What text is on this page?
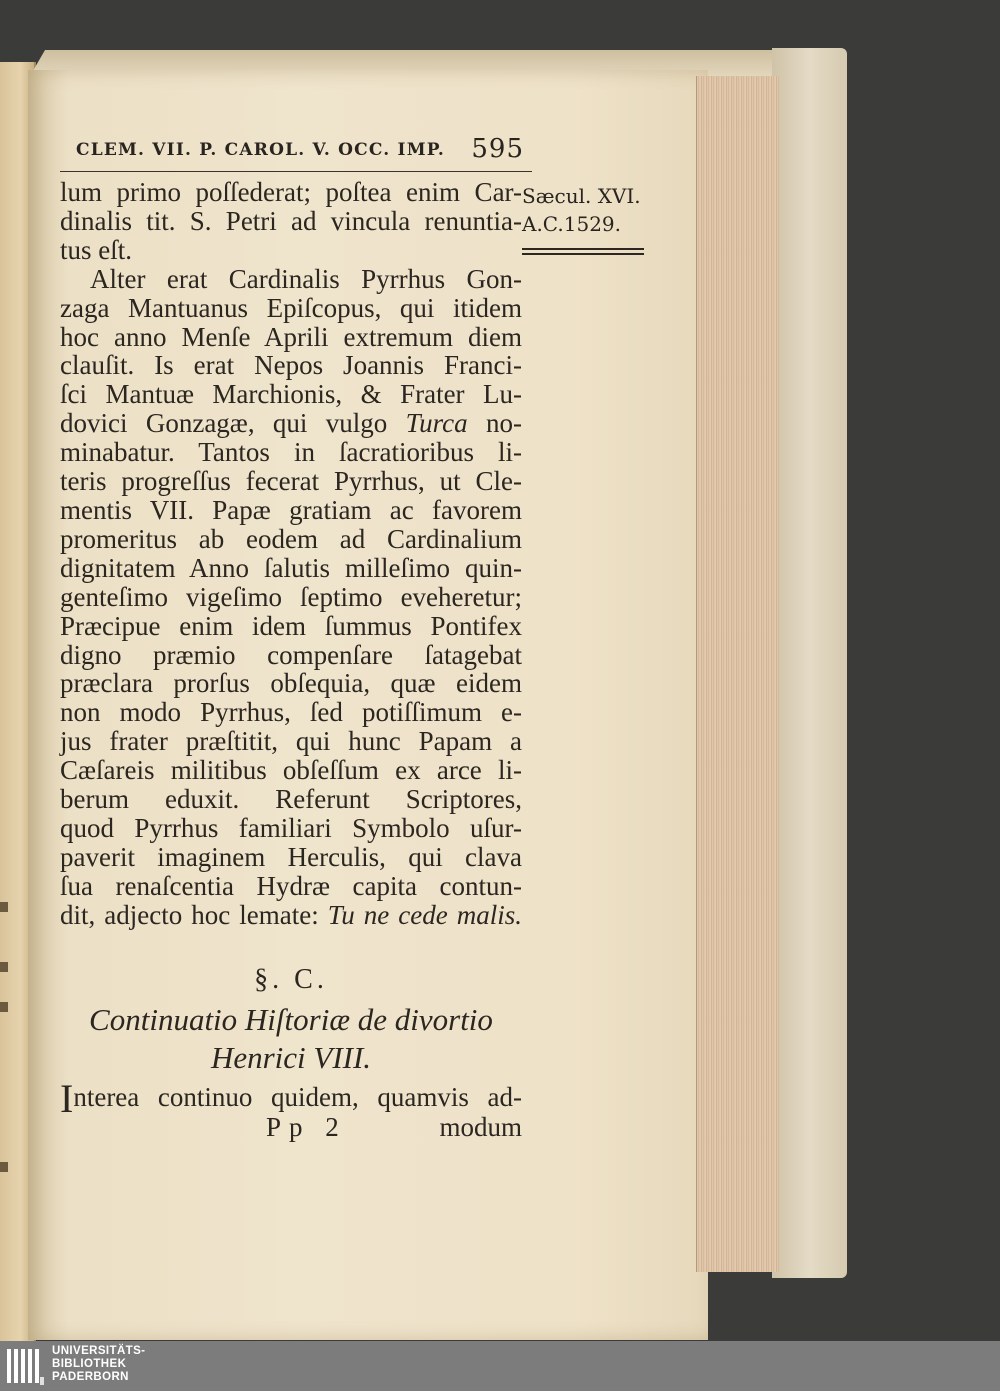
CLEM. VII. P. CAROL. V. OCC. IMP. 595
Sæcul. XVI.
A.C.1529.
lum primo poſſederat; poſtea enim Car-
dinalis tit. S. Petri ad vincula renuntia-
tus eſt.
Alter erat Cardinalis Pyrrhus Gon-
zaga Mantuanus Epiſcopus, qui itidem
hoc anno Menſe Aprili extremum diem
clauſit. Is erat Nepos Joannis Franci-
ſci Mantuæ Marchionis, & Frater Lu-
dovici Gonzagæ, qui vulgo Turca no-
minabatur. Tantos in ſacratioribus li-
teris progreſſus fecerat Pyrrhus, ut Cle-
mentis VII. Papæ gratiam ac favorem
promeritus ab eodem ad Cardinalium
dignitatem Anno ſalutis milleſimo quin-
genteſimo vigeſimo ſeptimo eveheretur;
Præcipue enim idem ſummus Pontifex
digno præmio compenſare ſatagebat
præclara prorſus obſequia, quæ eidem
non modo Pyrrhus, ſed potiſſimum e-
jus frater præſtitit, qui hunc Papam a
Cæſareis militibus obſeſſum ex arce li-
berum eduxit. Referunt Scriptores,
quod Pyrrhus familiari Symbolo uſur-
paverit imaginem Herculis, qui clava
ſua renaſcentia Hydræ capita contun-
dit, adjecto hoc lemate: Tu ne cede malis.
§. C.
Continuatio Hiſtoriæ de divortio
Henrici VIII.
Interea continuo quidem, quamvis ad-
Pp 2	modum
UNIVERSITÄTS-
BIBLIOTHEK
PADERBORN
